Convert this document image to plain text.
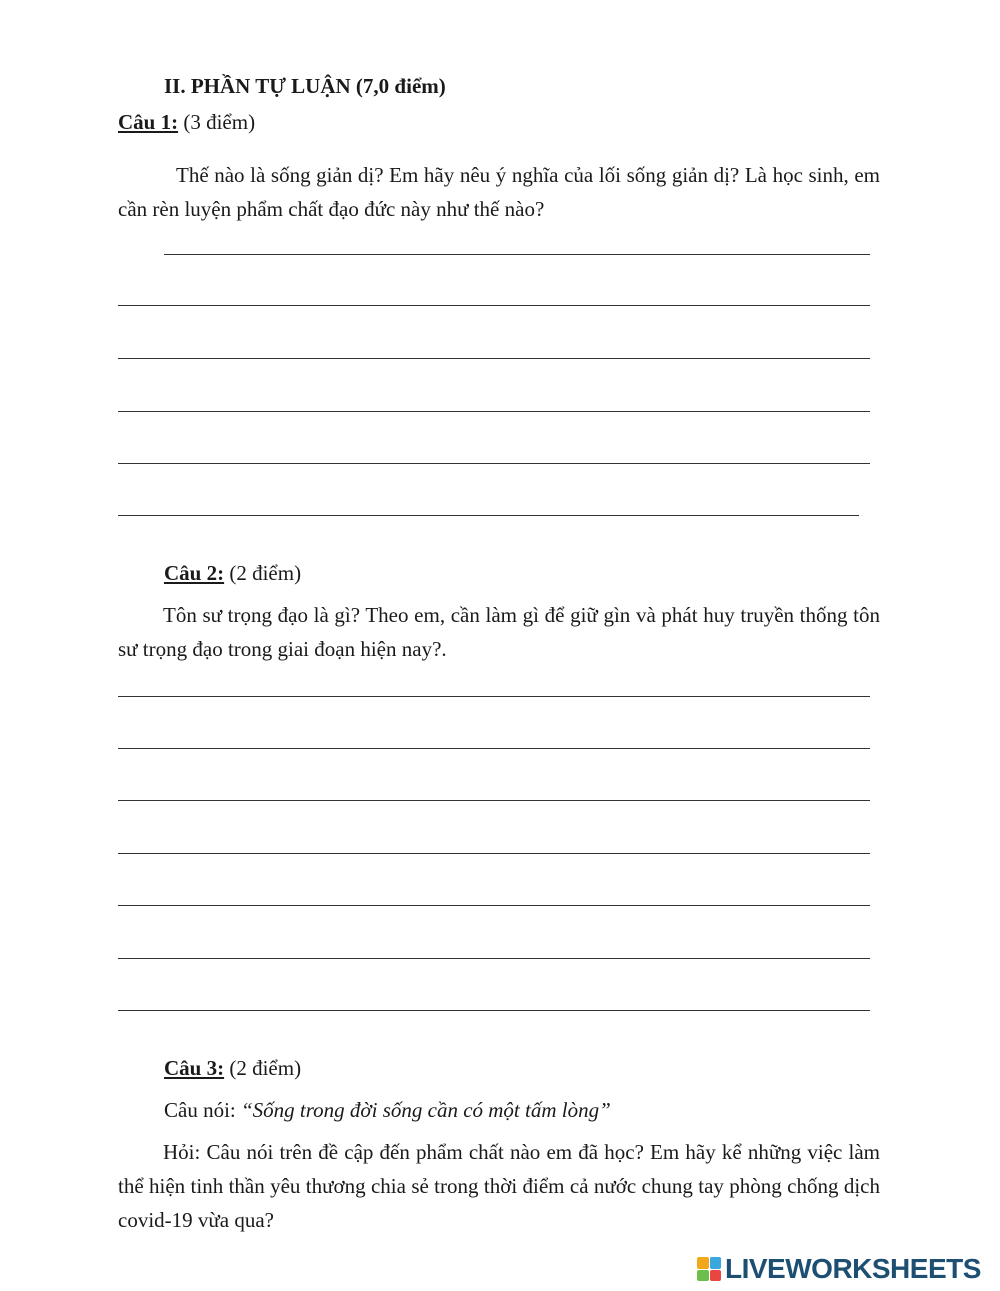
II. PHẦN TỰ LUẬN (7,0 điểm)
Câu 1: (3 điểm)
Thế nào là sống giản dị? Em hãy nêu ý nghĩa của lối sống giản dị? Là học sinh, em cần rèn luyện phẩm chất đạo đức này như thế nào?
Câu 2: (2 điểm)
Tôn sư trọng đạo là gì? Theo em, cần làm gì để giữ gìn và phát huy truyền thống tôn sư trọng đạo trong giai đoạn hiện nay?.
Câu 3: (2 điểm)
Câu nói: “Sống trong đời sống cần có một tấm lòng”
Hỏi: Câu nói trên đề cập đến phẩm chất nào em đã học? Em hãy kể những việc làm thể hiện tinh thần yêu thương chia sẻ trong thời điểm cả nước chung tay phòng chống dịch covid-19 vừa qua?
LIVEWORKSHEETS
